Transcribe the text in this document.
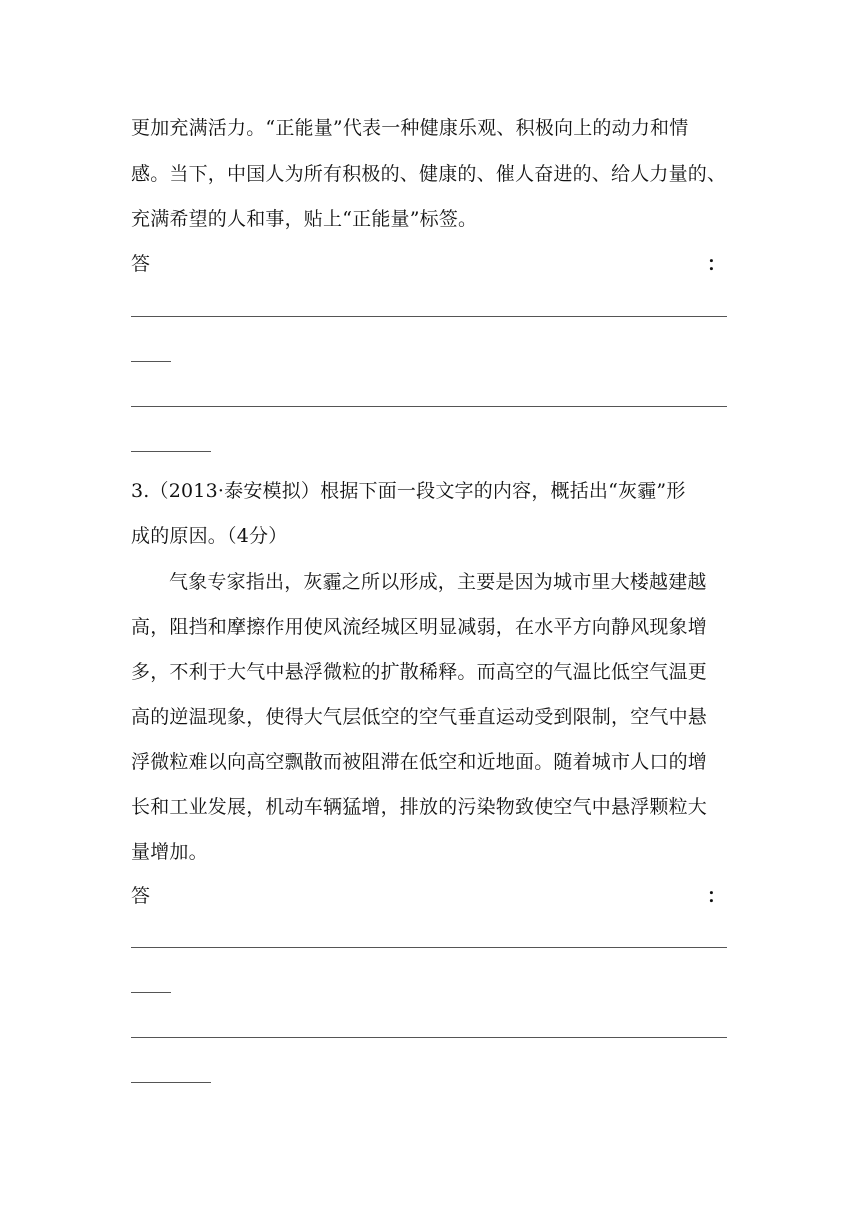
更加充满活力。“正能量”代表一种健康乐观、积极向上的动力和情
感。当下，中国人为所有积极的、健康的、催人奋进的、给人力量的、
充满希望的人和事，贴上“正能量”标签。
答	：
3.（2013·泰安模拟）根据下面一段文字的内容，概括出“灰霾”形
成的原因。（4分）
气象专家指出，灰霾之所以形成，主要是因为城市里大楼越建越
高，阻挡和摩擦作用使风流经城区明显减弱，在水平方向静风现象增
多，不利于大气中悬浮微粒的扩散稀释。而高空的气温比低空气温更
高的逆温现象，使得大气层低空的空气垂直运动受到限制，空气中悬
浮微粒难以向高空飘散而被阻滞在低空和近地面。随着城市人口的增
长和工业发展，机动车辆猛增，排放的污染物致使空气中悬浮颗粒大
量增加。
答	：
